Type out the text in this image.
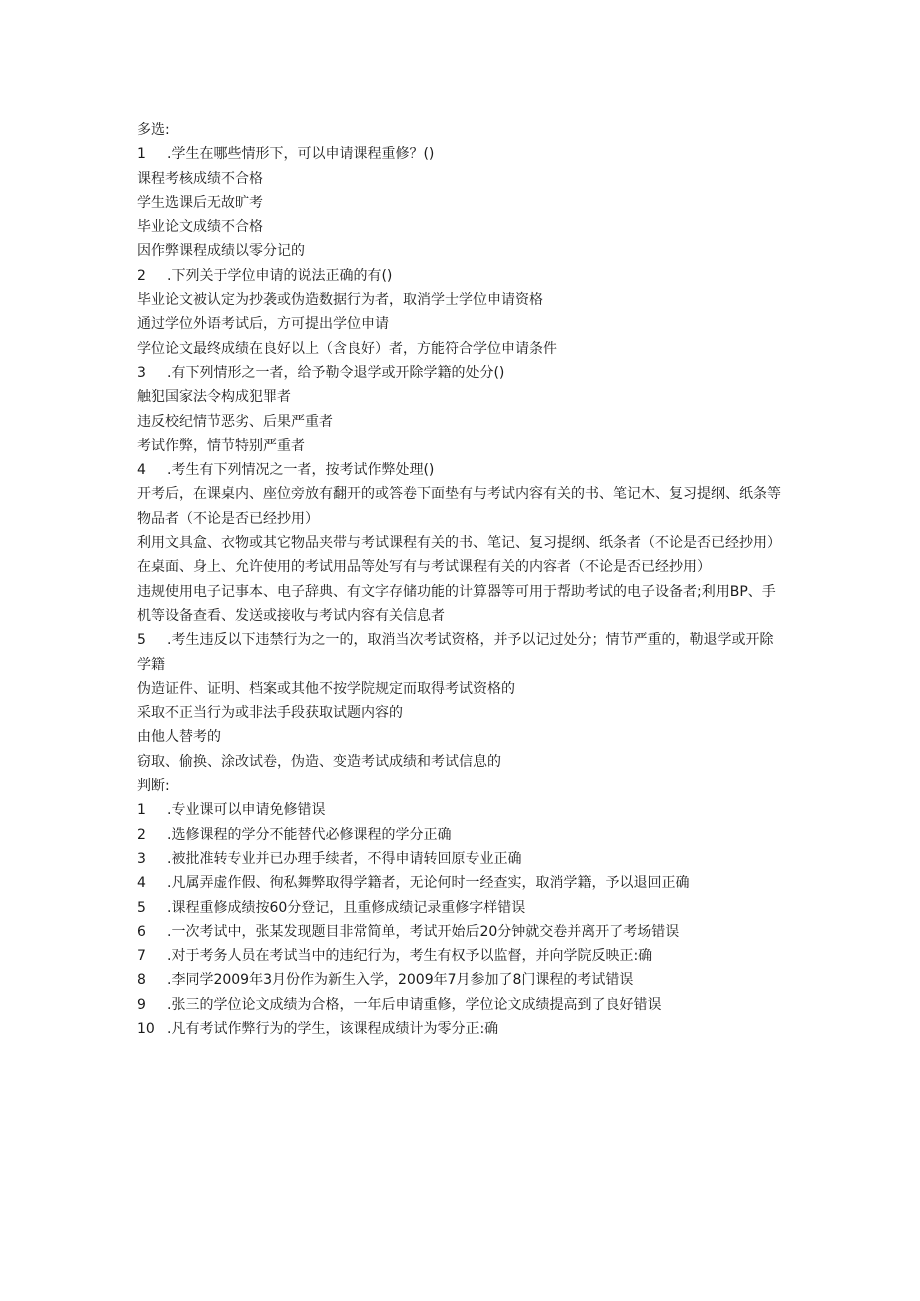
多选:
1 .学生在哪些情形下，可以申请课程重修？()
课程考核成绩不合格
学生选课后无故旷考
毕业论文成绩不合格
因作弊课程成绩以零分记的
2 .下列关于学位申请的说法正确的有()
毕业论文被认定为抄袭或伪造数据行为者，取消学士学位申请资格
通过学位外语考试后，方可提出学位申请
学位论文最终成绩在良好以上（含良好）者，方能符合学位申请条件
3 .有下列情形之一者，给予勒令退学或开除学籍的处分()
触犯国家法令构成犯罪者
违反校纪情节恶劣、后果严重者
考试作弊，情节特别严重者
4 .考生有下列情况之一者，按考试作弊处理()
开考后，在课桌内、座位旁放有翻开的或答卷下面垫有与考试内容有关的书、笔记木、复习提纲、纸条等物品者（不论是否已经抄用）
利用文具盒、衣物或其它物品夹带与考试课程有关的书、笔记、复习提纲、纸条者（不论是否已经抄用）
在桌面、身上、允许使用的考试用品等处写有与考试课程有关的内容者（不论是否已经抄用）
违规使用电子记事本、电子辞典、有文字存储功能的计算器等可用于帮助考试的电子设备者;利用BP、手机等设备查看、发送或接收与考试内容有关信息者
5 .考生违反以下违禁行为之一的，取消当次考试资格，并予以记过处分；情节严重的，勒退学或开除学籍
伪造证件、证明、档案或其他不按学院规定而取得考试资格的
采取不正当行为或非法手段获取试题内容的
由他人替考的
窃取、偷换、涂改试卷，伪造、变造考试成绩和考试信息的
判断:
1 .专业课可以申请免修错误
2 .选修课程的学分不能替代必修课程的学分正确
3 .被批准转专业并已办理手续者，不得申请转回原专业正确
4 .凡属弄虚作假、徇私舞弊取得学籍者，无论何时一经查实，取消学籍，予以退回正确
5 .课程重修成绩按60分登记，且重修成绩记录重修字样错误
6 .一次考试中，张某发现题目非常简单，考试开始后20分钟就交卷并离开了考场错误
7 .对于考务人员在考试当中的违纪行为，考生有权予以监督，并向学院反映正:确
8 .李同学2009年3月份作为新生入学，2009年7月参加了8门课程的考试错误
9 .张三的学位论文成绩为合格，一年后申请重修，学位论文成绩提高到了良好错误
10 .凡有考试作弊行为的学生，该课程成绩计为零分正:确
